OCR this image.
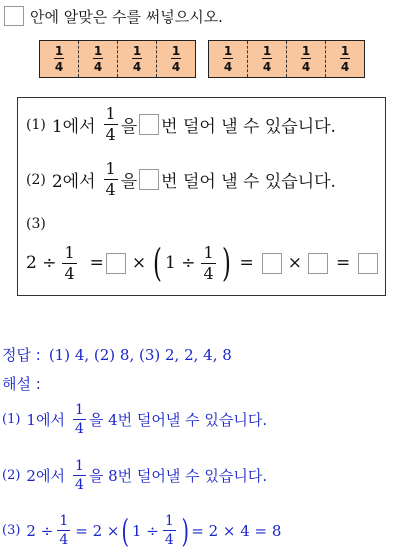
안에 알맞은 수를 써넣으시오.
$\frac{1}{4} \frac{1}{4} \frac{1}{4} \frac{1}{4}$	$\frac{1}{4} \frac{1}{4} \frac{1}{4} \frac{1}{4}$
(1) 1에서 $\frac{1}{4}$ 을 번 덜어 낼 수 있습니다.
(2) 2에서 $\frac{1}{4}$ 을 번 덜어 낼 수 있습니다.
(3)
$2 \div \frac{1}{4}$ = × ( $1 \div \frac{1}{4}$ ) = × =
정답 : (1) 4, (2) 8, (3) 2, 2, 4, 8
해설 :
(1) 1에서 $\frac{1}{4}$ 을 4번 덜어낼 수 있습니다.
(2) 2에서 $\frac{1}{4}$ 을 8번 덜어낼 수 있습니다.
(3) $2 \div \frac{1}{4} = 2$ × ( $1 \div \frac{1}{4}$ ) = 2 × 4 = 8
